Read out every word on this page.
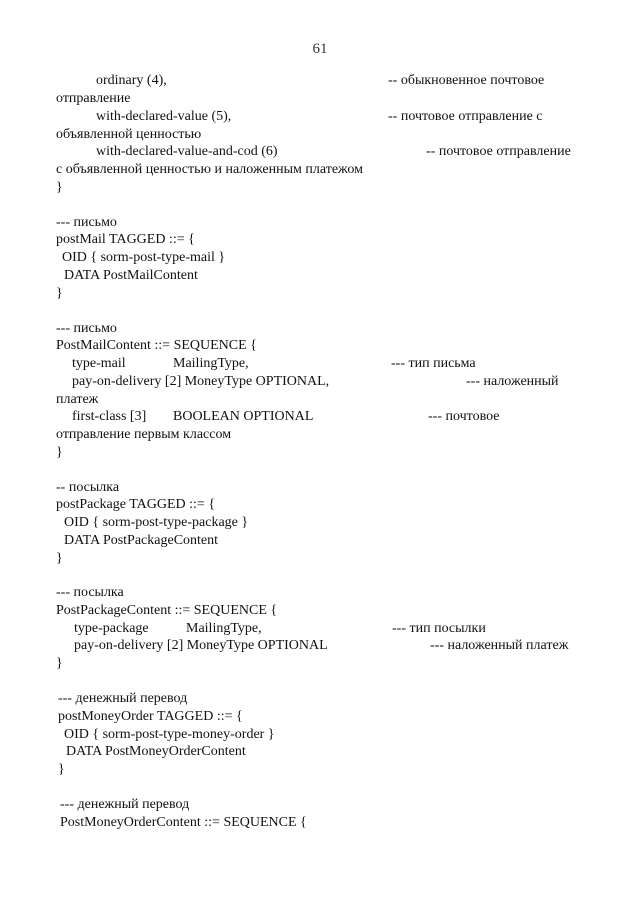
61
ordinary (4),	-- обыкновенное почтовое
отправление
with-declared-value (5),	-- почтовое отправление с
объявленной ценностью
with-declared-value-and-cod (6)	-- почтовое отправление
с объявленной ценностью и наложенным платежом
}
--- письмо
postMail TAGGED ::= {
OID { sorm-post-type-mail }
DATA PostMailContent
}
--- письмо
PostMailContent ::= SEQUENCE {
type-mail	MailingType,	--- тип письма
pay-on-delivery [2] MoneyType OPTIONAL,	--- наложенный
платеж
first-class [3] BOOLEAN OPTIONAL	--- почтовое
отправление первым классом
}
-- посылка
postPackage TAGGED ::= {
OID { sorm-post-type-package }
DATA PostPackageContent
}
--- посылка
PostPackageContent ::= SEQUENCE {
type-package	MailingType,	--- тип посылки
pay-on-delivery [2] MoneyType OPTIONAL	--- наложенный платеж
}
--- денежный перевод
postMoneyOrder TAGGED ::= {
OID { sorm-post-type-money-order }
DATA PostMoneyOrderContent
}
--- денежный перевод
PostMoneyOrderContent ::= SEQUENCE {
